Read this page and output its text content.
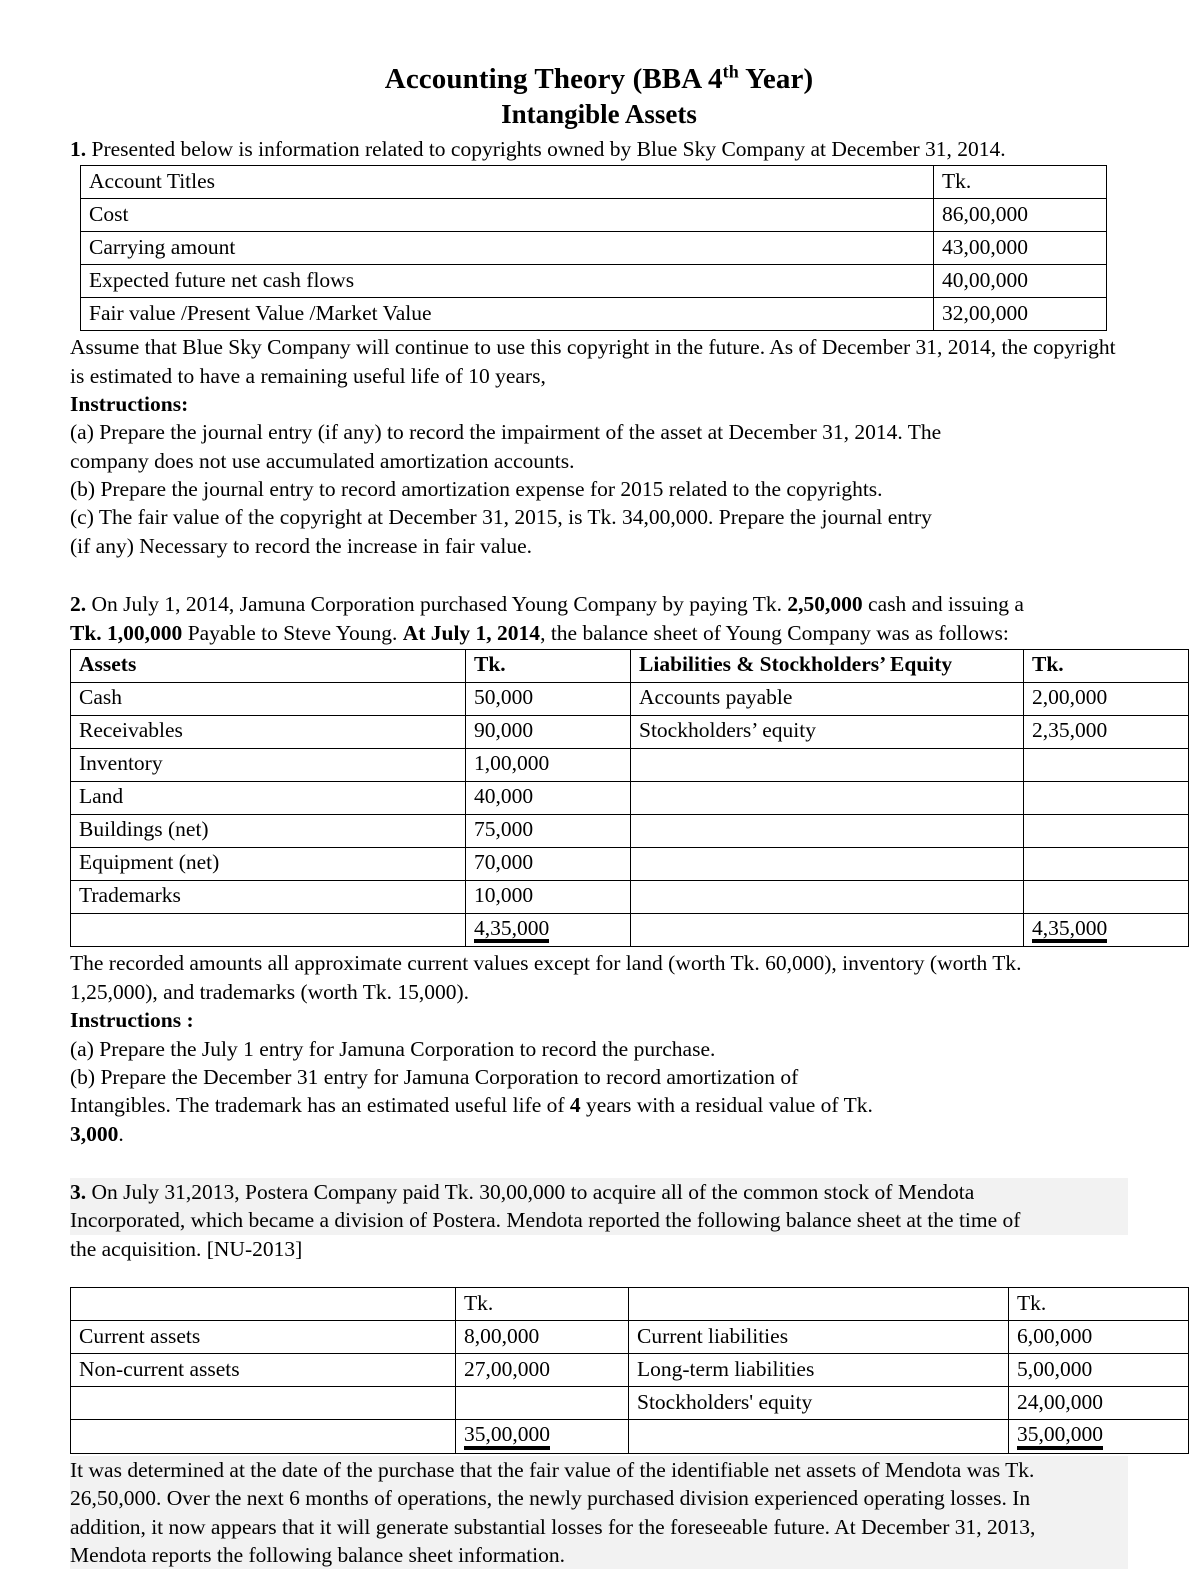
Accounting Theory (BBA 4th Year)
Intangible Assets
1. Presented below is information related to copyrights owned by Blue Sky Company at December 31, 2014.
Account Titles	Tk.
Cost	86,00,000
Carrying amount	43,00,000
Expected future net cash flows	40,00,000
Fair value /Present Value /Market Value	32,00,000
Assume that Blue Sky Company will continue to use this copyright in the future. As of December 31, 2014, the copyright
is estimated to have a remaining useful life of 10 years,
Instructions:
(a) Prepare the journal entry (if any) to record the impairment of the asset at December 31, 2014. The
company does not use accumulated amortization accounts.
(b) Prepare the journal entry to record amortization expense for 2015 related to the copyrights.
(c) The fair value of the copyright at December 31, 2015, is Tk. 34,00,000. Prepare the journal entry
(if any) Necessary to record the increase in fair value.
2. On July 1, 2014, Jamuna Corporation purchased Young Company by paying Tk. 2,50,000 cash and issuing a
Tk. 1,00,000 Payable to Steve Young. At July 1, 2014, the balance sheet of Young Company was as follows:
Assets	Tk.	Liabilities & Stockholders’ Equity	Tk.
Cash	50,000	Accounts payable	2,00,000
Receivables	90,000	Stockholders’ equity	2,35,000
Inventory	1,00,000		
Land	40,000		
Buildings (net)	75,000		
Equipment (net)	70,000		
Trademarks	10,000		
	4,35,000		4,35,000
The recorded amounts all approximate current values except for land (worth Tk. 60,000), inventory (worth Tk.
1,25,000), and trademarks (worth Tk. 15,000).
Instructions :
(a) Prepare the July 1 entry for Jamuna Corporation to record the purchase.
(b) Prepare the December 31 entry for Jamuna Corporation to record amortization of
Intangibles. The trademark has an estimated useful life of 4 years with a residual value of Tk.
3,000.
3. On July 31,2013, Postera Company paid Tk. 30,00,000 to acquire all of the common stock of Mendota
Incorporated, which became a division of Postera. Mendota reported the following balance sheet at the time of
the acquisition. [NU-2013]
	Tk.		Tk.
Current assets	8,00,000	Current liabilities	6,00,000
Non-current assets	27,00,000	Long-term liabilities	5,00,000
		Stockholders' equity	24,00,000
	35,00,000		35,00,000
It was determined at the date of the purchase that the fair value of the identifiable net assets of Mendota was Tk.
26,50,000. Over the next 6 months of operations, the newly purchased division experienced operating losses. In
addition, it now appears that it will generate substantial losses for the foreseeable future. At December 31, 2013,
Mendota reports the following balance sheet information.
